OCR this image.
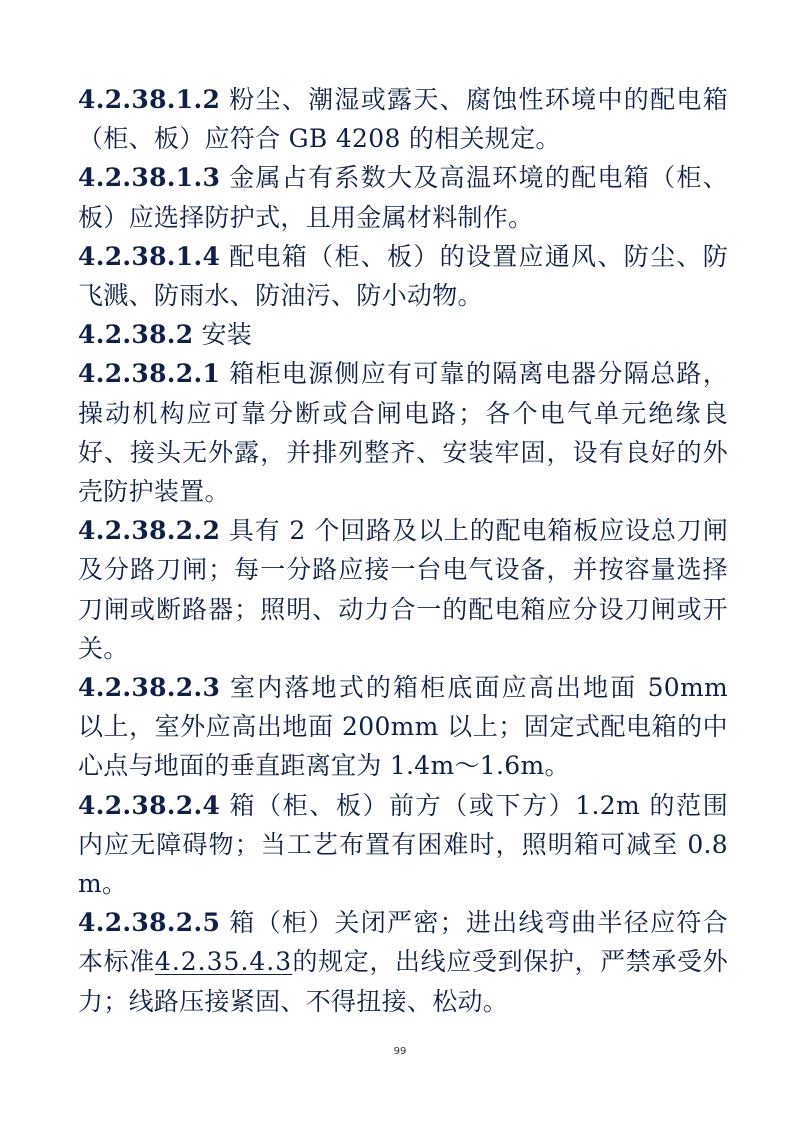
4.2.38.1.2 粉尘、潮湿或露天、腐蚀性环境中的配电箱（柜、板）应符合 GB 4208 的相关规定。

4.2.38.1.3 金属占有系数大及高温环境的配电箱（柜、板）应选择防护式，且用金属材料制作。

4.2.38.1.4 配电箱（柜、板）的设置应通风、防尘、防飞溅、防雨水、防油污、防小动物。

4.2.38.2 安装

4.2.38.2.1 箱柜电源侧应有可靠的隔离电器分隔总路，操动机构应可靠分断或合闸电路；各个电气单元绝缘良好、接头无外露，并排列整齐、安装牢固，设有良好的外壳防护装置。

4.2.38.2.2 具有 2 个回路及以上的配电箱板应设总刀闸及分路刀闸；每一分路应接一台电气设备，并按容量选择刀闸或断路器；照明、动力合一的配电箱应分设刀闸或开关。

4.2.38.2.3 室内落地式的箱柜底面应高出地面 50mm 以上，室外应高出地面 200mm 以上；固定式配电箱的中心点与地面的垂直距离宜为 1.4m～1.6m。

4.2.38.2.4 箱（柜、板）前方（或下方）1.2m 的范围内应无障碍物；当工艺布置有困难时，照明箱可减至 0.8m。

4.2.38.2.5 箱（柜）关闭严密；进出线弯曲半径应符合本标准4.2.35.4.3的规定，出线应受到保护，严禁承受外力；线路压接紧固、不得扭接、松动。

99
